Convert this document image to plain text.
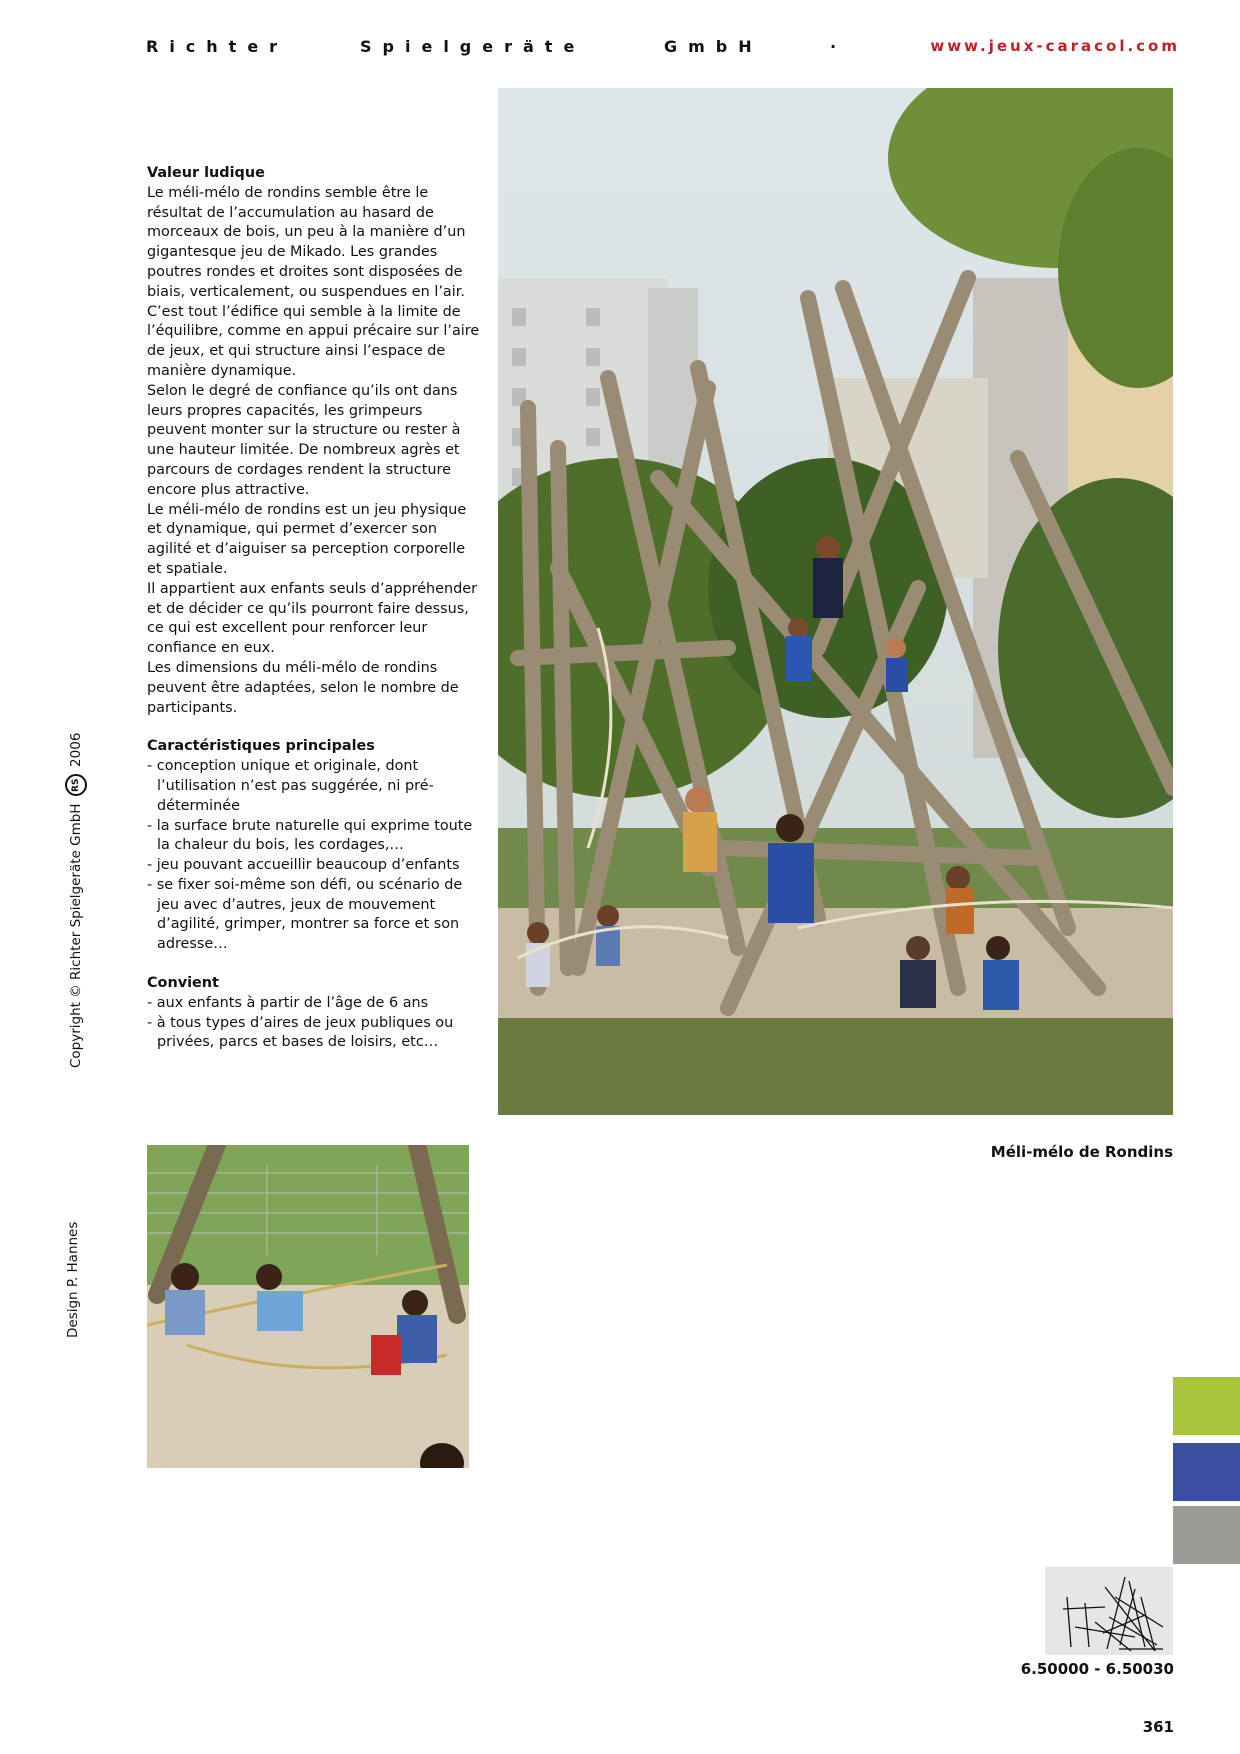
Richter	Spielgeräte	GmbH	·	www.jeux-caracol.com
Valeur ludique

Le méli-mélo de rondins semble être le résultat de l’accumulation au hasard de morceaux de bois, un peu à la manière d’un gigantesque jeu de Mikado. Les grandes poutres rondes et droites sont disposées de biais, verticalement, ou suspendues en l’air. C’est tout l’édifice qui semble à la limite de l’équilibre, comme en appui précaire sur l’aire de jeux, et qui structure ainsi l’espace de manière dynamique.

Selon le degré de confiance qu’ils ont dans leurs propres capacités, les grimpeurs peuvent monter sur la structure ou rester à une hauteur limitée. De nombreux agrès et parcours de cordages rendent la structure encore plus attractive.

Le méli-mélo de rondins est un jeu physique et dynamique, qui permet d’exercer son agilité et d’aiguiser sa perception corporelle et spatiale.

Il appartient aux enfants seuls d’appréhender et de décider ce qu’ils pourront faire dessus, ce qui est excellent pour renforcer leur confiance en eux.

Les dimensions du méli-mélo de rondins peuvent être adaptées, selon le nombre de participants.

Caractéristiques principales
- conception unique et originale, dont l’utilisation n’est pas suggérée, ni pré-déterminée
- la surface brute naturelle qui exprime toute la chaleur du bois, les cordages,…
- jeu pouvant accueillir beaucoup d’enfants
- se fixer soi-même son défi, ou scénario de jeu avec d’autres, jeux de mouvement d’agilité, grimper, montrer sa force et son adresse…
Convient
- aux enfants à partir de l’âge de 6 ans
- à tous types d’aires de jeux publiques ou privées, parcs et bases de loisirs, etc…
Copyright © Richter Spielgeräte GmbH RS 2006
Design P. Hannes
Méli-mélo de Rondins
6.50000 - 6.50030
361
